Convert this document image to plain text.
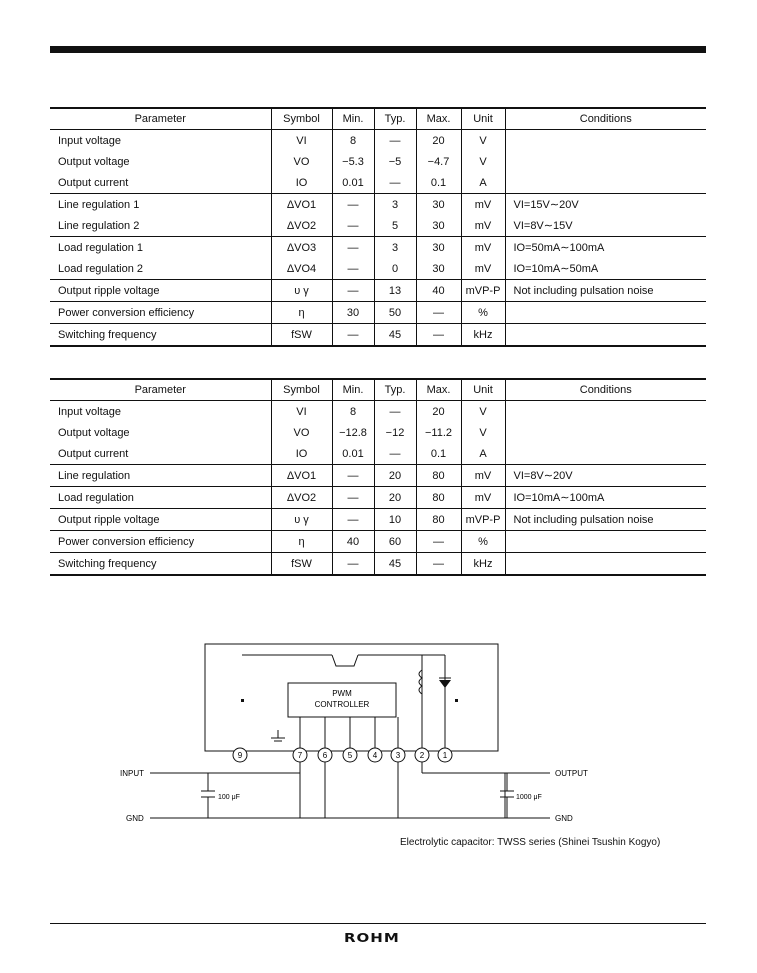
Parameter	Symbol	Min.	Typ.	Max.	Unit	Conditions
Input voltage	VI	8	—	20	V	
Output voltage	VO	−5.3	−5	−4.7	V	
Output current	IO	0.01	—	0.1	A	
Line regulation 1	ΔVO1	—	3	30	mV	VI=15V∼20V
Line regulation 2	ΔVO2	—	5	30	mV	VI=8V∼15V
Load regulation 1	ΔVO3	—	3	30	mV	IO=50mA∼100mA
Load regulation 2	ΔVO4	—	0	30	mV	IO=10mA∼50mA
Output ripple voltage	υ γ	—	13	40	mVP-P	Not including pulsation noise
Power conversion efficiency	η	30	50	—	%	
Switching frequency	fSW	—	45	—	kHz	
Parameter	Symbol	Min.	Typ.	Max.	Unit	Conditions
Input voltage	VI	8	—	20	V	
Output voltage	VO	−12.8	−12	−11.2	V	
Output current	IO	0.01	—	0.1	A	
Line regulation	ΔVO1	—	20	80	mV	VI=8V∼20V
Load regulation	ΔVO2	—	20	80	mV	IO=10mA∼100mA
Output ripple voltage	υ γ	—	10	80	mVP-P	Not including pulsation noise
Power conversion efficiency	η	40	60	—	%	
Switching frequency	fSW	—	45	—	kHz	
9	7	6	5	4 3 2 1
PWM
CONTROLLER
INPUT
GND
OUTPUT
GND
100 μF	1000 μF
Electrolytic capacitor: TWSS series (Shinei Tsushin Kogyo)
ROHM
